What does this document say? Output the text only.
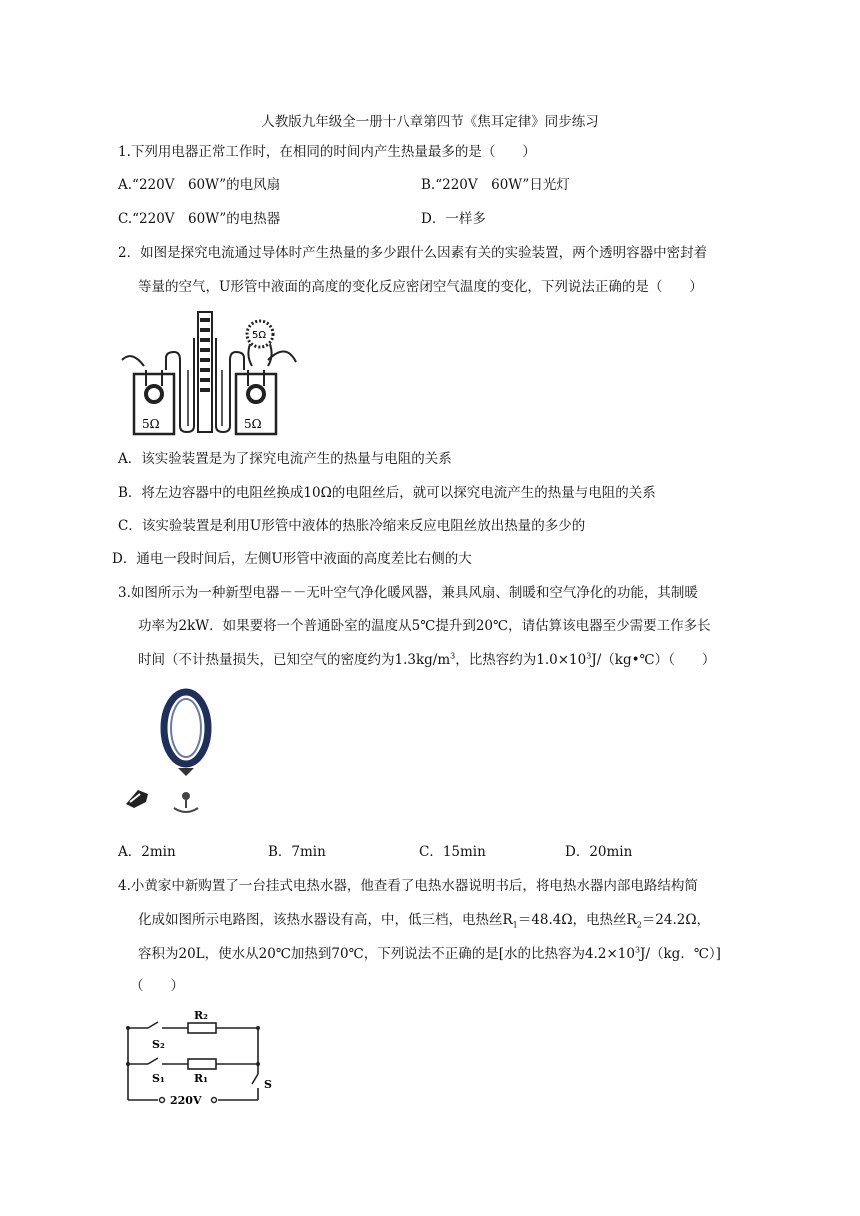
人教版九年级全一册十八章第四节《焦耳定律》同步练习
1.下列用电器正常工作时，在相同的时间内产生热量最多的是（　　）
A.“220V　60W”的电风扇	B.“220V　60W”日光灯
C.“220V　60W”的电热器	D．一样多
2．如图是探究电流通过导体时产生热量的多少跟什么因素有关的实验装置，两个透明容器中密封着
等量的空气，U形管中液面的高度的变化反应密闭空气温度的变化，下列说法正确的是（　　）
5Ω
5Ω	5Ω
A．该实验装置是为了探究电流产生的热量与电阻的关系
B．将左边容器中的电阻丝换成10Ω的电阻丝后，就可以探究电流产生的热量与电阻的关系
C．该实验装置是利用U形管中液体的热胀冷缩来反应电阻丝放出热量的多少的
D．通电一段时间后，左侧U形管中液面的高度差比右侧的大
3.如图所示为一种新型电器－－无叶空气净化暖风器，兼具风扇、制暖和空气净化的功能，其制暖
功率为2kW．如果要将一个普通卧室的温度从5℃提升到20℃，请估算该电器至少需要工作多长
时间（不计热量损失，已知空气的密度约为$1.3kg/m^3$，比热容约为$1.0\times 10^3J/(kg•℃)$（　　）
A．2min	B．7min	C．15min	D．20min
4.小黄家中新购置了一台挂式电热水器，他查看了电热水器说明书后，将电热水器内部电路结构简
化成如图所示电路图，该热水器设有高，中，低三档，电热丝$R_1=48.4\Omega$，电热丝$R_2=24.2\Omega$，
容积为20L，使水从20℃加热到70℃，下列说法不正确的是[水的比热容为$4.2\times 10^3J/(kg$．℃）]
（　　）
R₂
S₂
S₁	R₁	S
220V
